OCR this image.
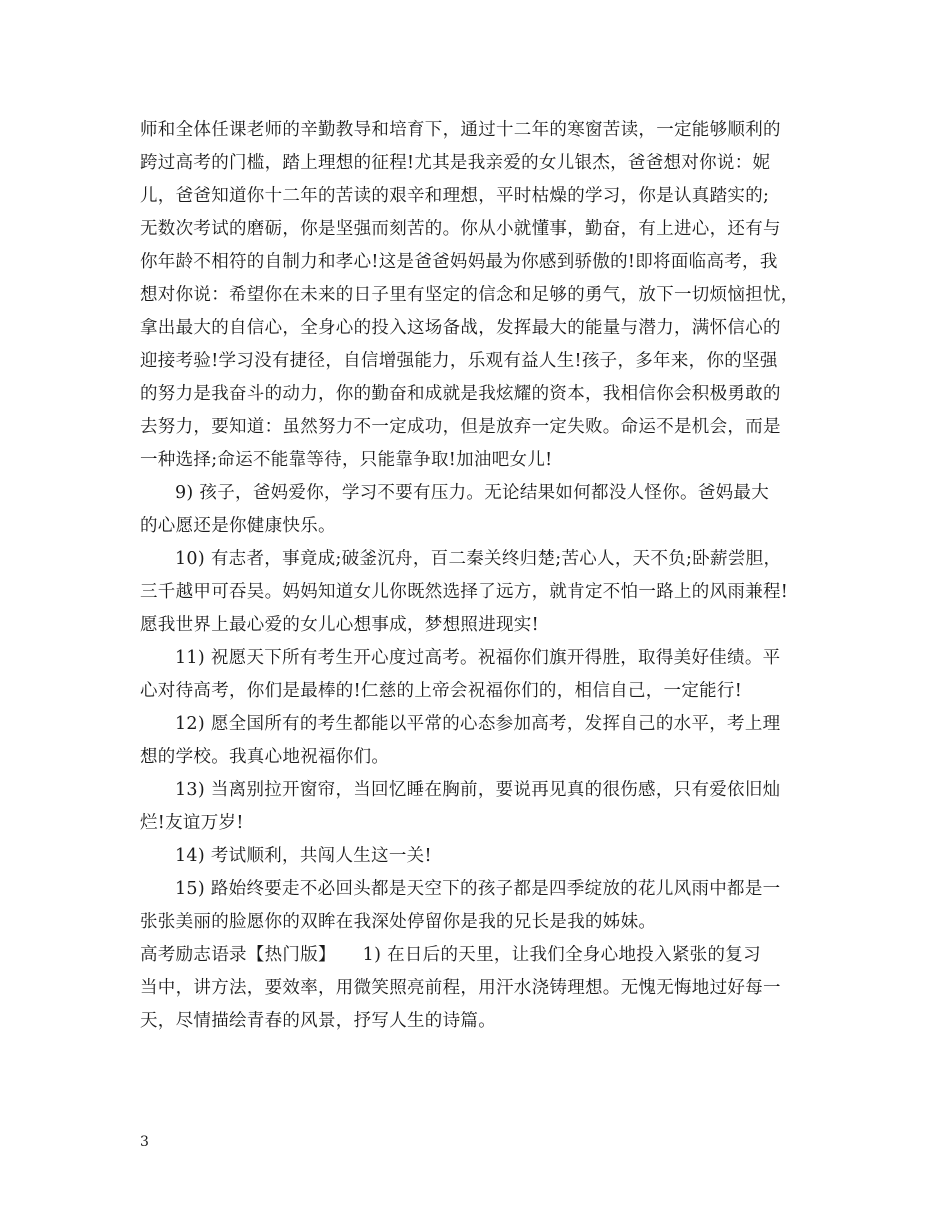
师和全体任课老师的辛勤教导和培育下，通过十二年的寒窗苦读，一定能够顺利的
跨过高考的门槛，踏上理想的征程!尤其是我亲爱的女儿银杰，爸爸想对你说：妮
儿，爸爸知道你十二年的苦读的艰辛和理想，平时枯燥的学习，你是认真踏实的;
无数次考试的磨砺，你是坚强而刻苦的。你从小就懂事，勤奋，有上进心，还有与
你年龄不相符的自制力和孝心!这是爸爸妈妈最为你感到骄傲的!即将面临高考，我
想对你说：希望你在未来的日子里有坚定的信念和足够的勇气，放下一切烦恼担忧，
拿出最大的自信心，全身心的投入这场备战，发挥最大的能量与潜力，满怀信心的
迎接考验!学习没有捷径，自信增强能力，乐观有益人生!孩子，多年来，你的坚强
的努力是我奋斗的动力，你的勤奋和成就是我炫耀的资本，我相信你会积极勇敢的
去努力，要知道：虽然努力不一定成功，但是放弃一定失败。命运不是机会，而是
一种选择;命运不能靠等待，只能靠争取!加油吧女儿!
9) 孩子，爸妈爱你，学习不要有压力。无论结果如何都没人怪你。爸妈最大
的心愿还是你健康快乐。
10) 有志者，事竟成;破釜沉舟，百二秦关终归楚;苦心人，天不负;卧薪尝胆，
三千越甲可吞吴。妈妈知道女儿你既然选择了远方，就肯定不怕一路上的风雨兼程!
愿我世界上最心爱的女儿心想事成，梦想照进现实!
11) 祝愿天下所有考生开心度过高考。祝福你们旗开得胜，取得美好佳绩。平
心对待高考，你们是最棒的!仁慈的上帝会祝福你们的，相信自己，一定能行!
12) 愿全国所有的考生都能以平常的心态参加高考，发挥自己的水平，考上理
想的学校。我真心地祝福你们。
13) 当离别拉开窗帘，当回忆睡在胸前，要说再见真的很伤感，只有爱依旧灿
烂!友谊万岁!
14) 考试顺利，共闯人生这一关!
15) 路始终要走不必回头都是天空下的孩子都是四季绽放的花儿风雨中都是一
张张美丽的脸愿你的双眸在我深处停留你是我的兄长是我的姊妹。
高考励志语录【热门版】　　1) 在日后的天里，让我们全身心地投入紧张的复习
当中，讲方法，要效率，用微笑照亮前程，用汗水浇铸理想。无愧无悔地过好每一
天，尽情描绘青春的风景，抒写人生的诗篇。
3
